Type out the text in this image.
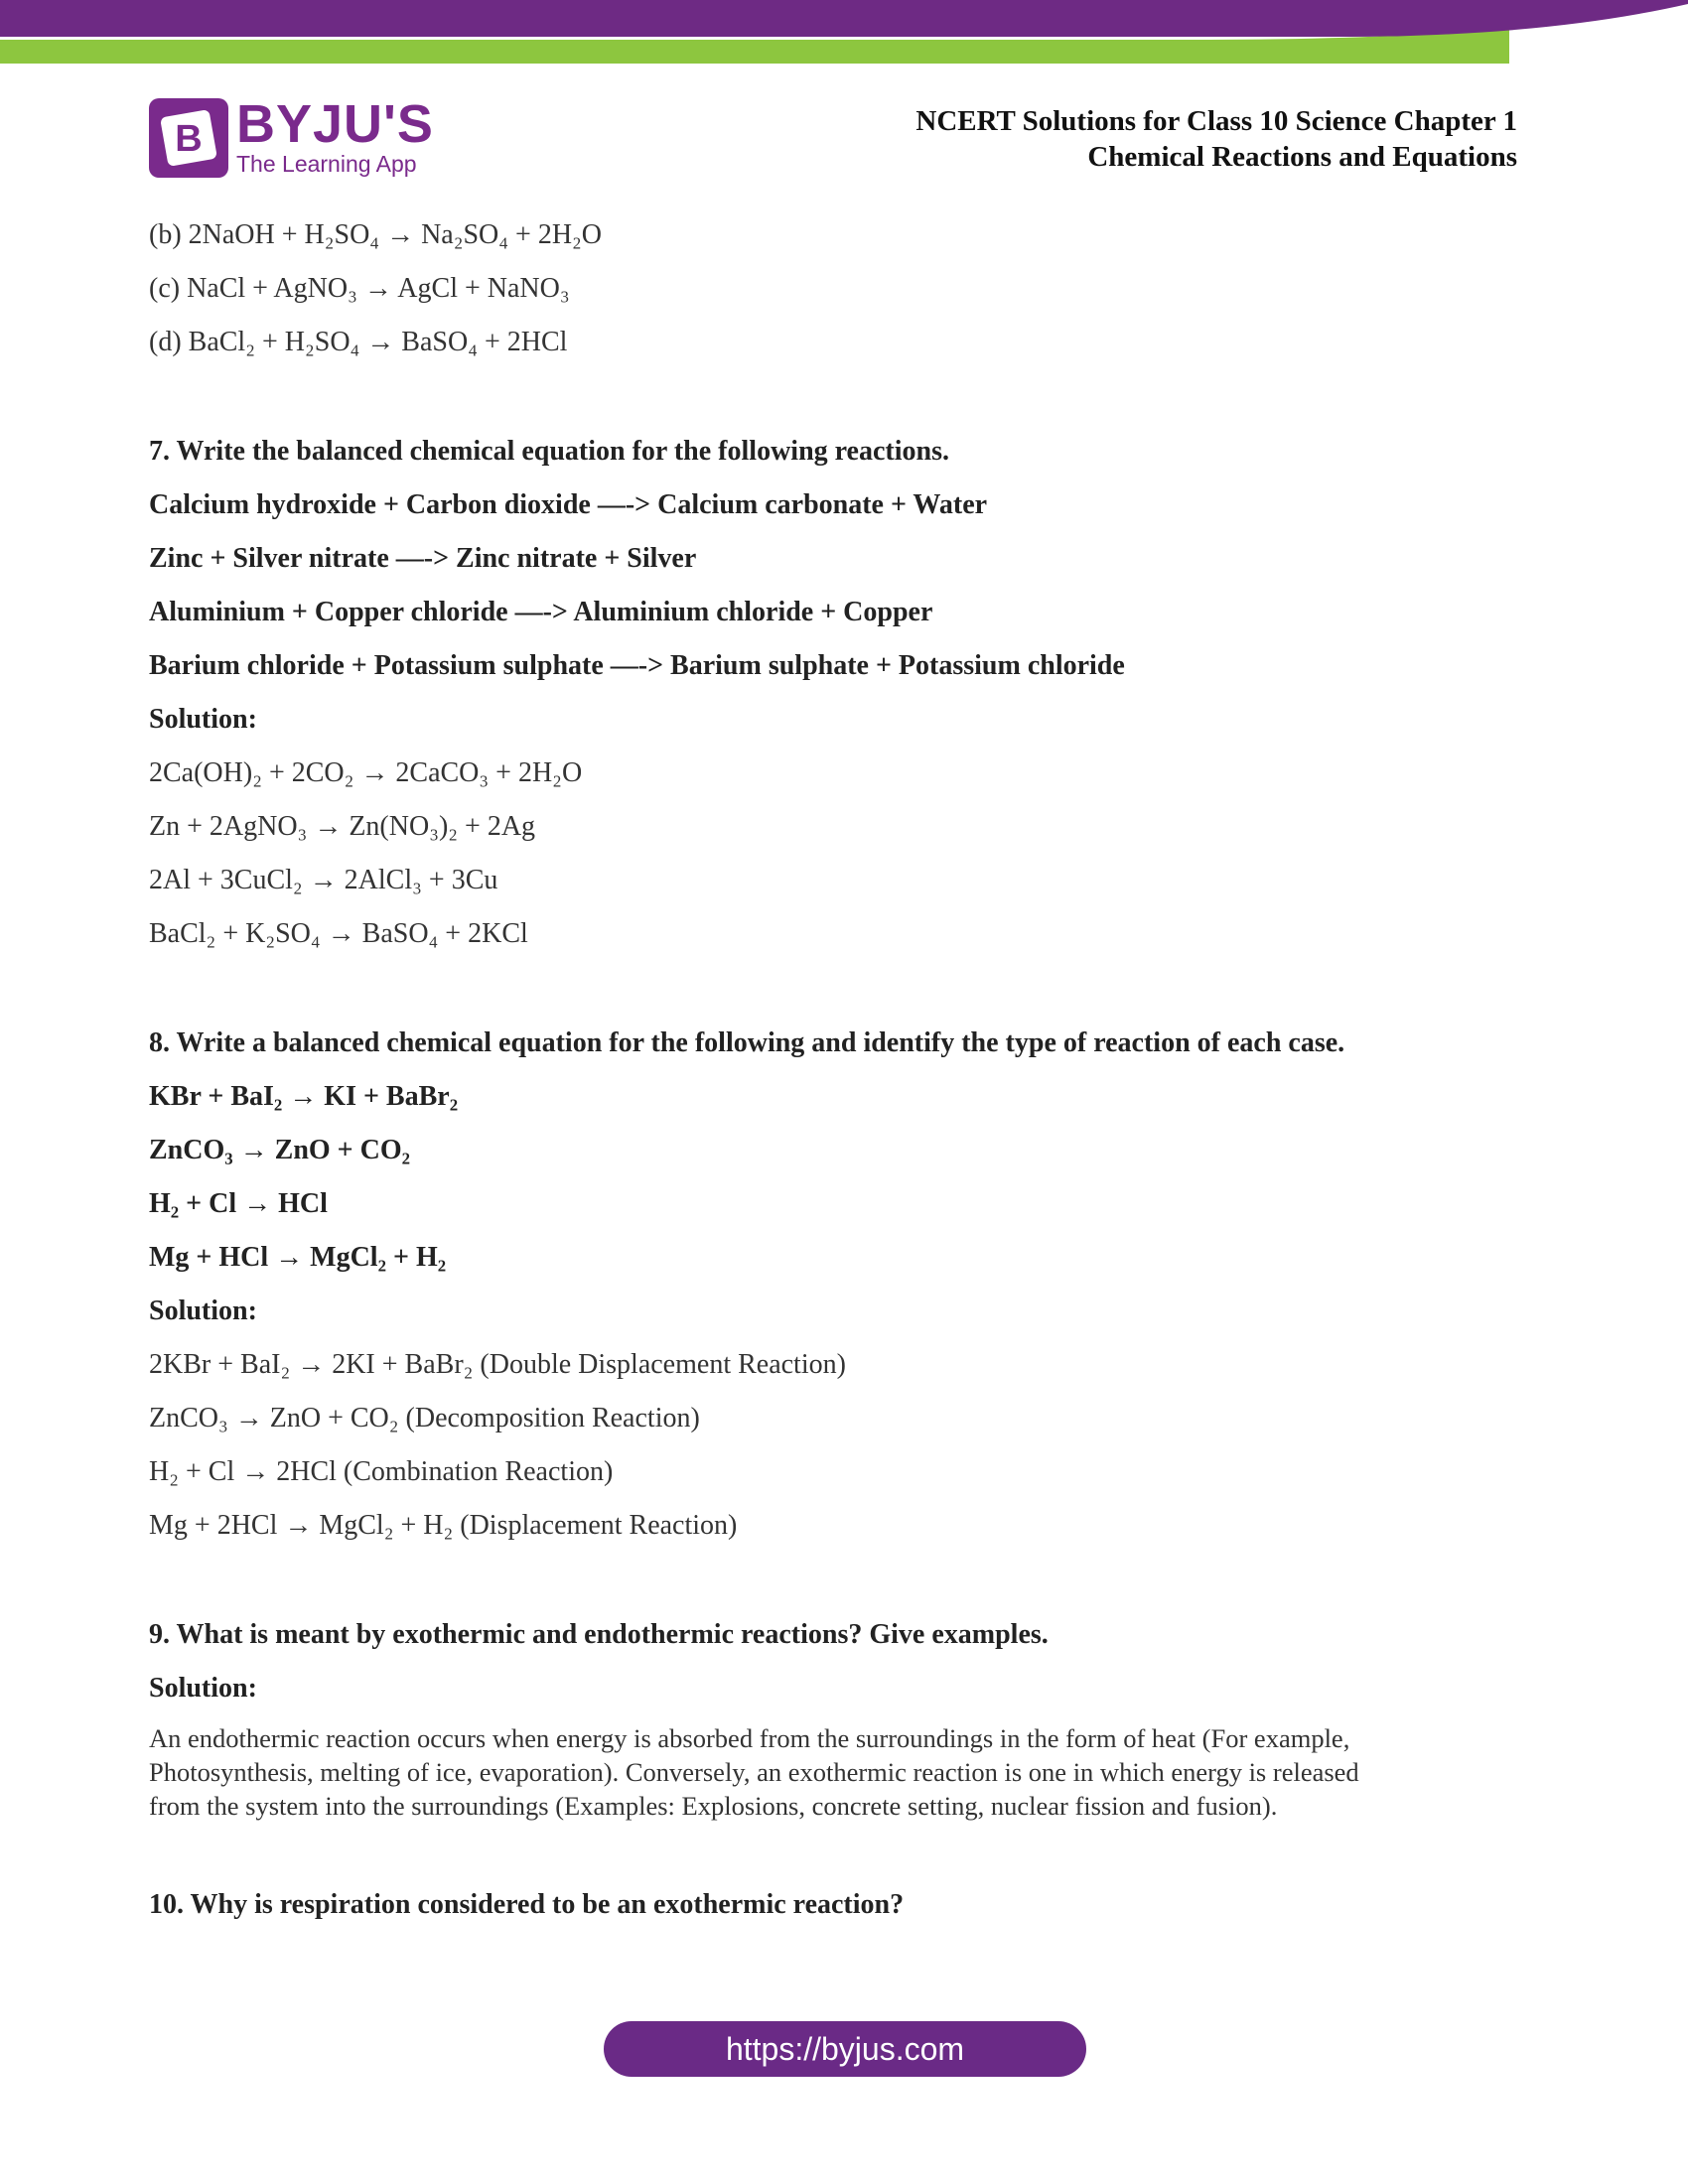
B BYJU'S
The Learning App
NCERT Solutions for Class 10 Science Chapter 1
Chemical Reactions and Equations
(b) 2NaOH + H₂SO₄ → Na₂SO₄ + 2H₂O
(c) NaCl + AgNO₃ → AgCl + NaNO₃
(d) BaCl₂ + H₂SO₄ → BaSO₄ + 2HCl
7. Write the balanced chemical equation for the following reactions.
Calcium hydroxide + Carbon dioxide —-> Calcium carbonate + Water
Zinc + Silver nitrate —-> Zinc nitrate + Silver
Aluminium + Copper chloride —-> Aluminium chloride + Copper
Barium chloride + Potassium sulphate —-> Barium sulphate + Potassium chloride
Solution:
2Ca(OH)₂ + 2CO₂ → 2CaCO₃ + 2H₂O
Zn + 2AgNO₃ → Zn(NO₃)₂ + 2Ag
2Al + 3CuCl₂ → 2AlCl₃ + 3Cu
BaCl₂ + K₂SO₄ → BaSO₄ + 2KCl
8. Write a balanced chemical equation for the following and identify the type of reaction of each case.
KBr + BaI₂ → KI + BaBr₂
ZnCO₃ → ZnO + CO₂
H₂ + Cl → HCl
Mg + HCl → MgCl₂ + H₂
Solution:
2KBr + BaI₂ → 2KI + BaBr₂ (Double Displacement Reaction)
ZnCO₃ → ZnO + CO₂ (Decomposition Reaction)
H₂ + Cl → 2HCl (Combination Reaction)
Mg + 2HCl → MgCl₂ + H₂ (Displacement Reaction)
9. What is meant by exothermic and endothermic reactions? Give examples.
Solution:
An endothermic reaction occurs when energy is absorbed from the surroundings in the form of heat (For example,
Photosynthesis, melting of ice, evaporation). Conversely, an exothermic reaction is one in which energy is released
from the system into the surroundings (Examples: Explosions, concrete setting, nuclear fission and fusion).
10. Why is respiration considered to be an exothermic reaction?
https://byjus.com
